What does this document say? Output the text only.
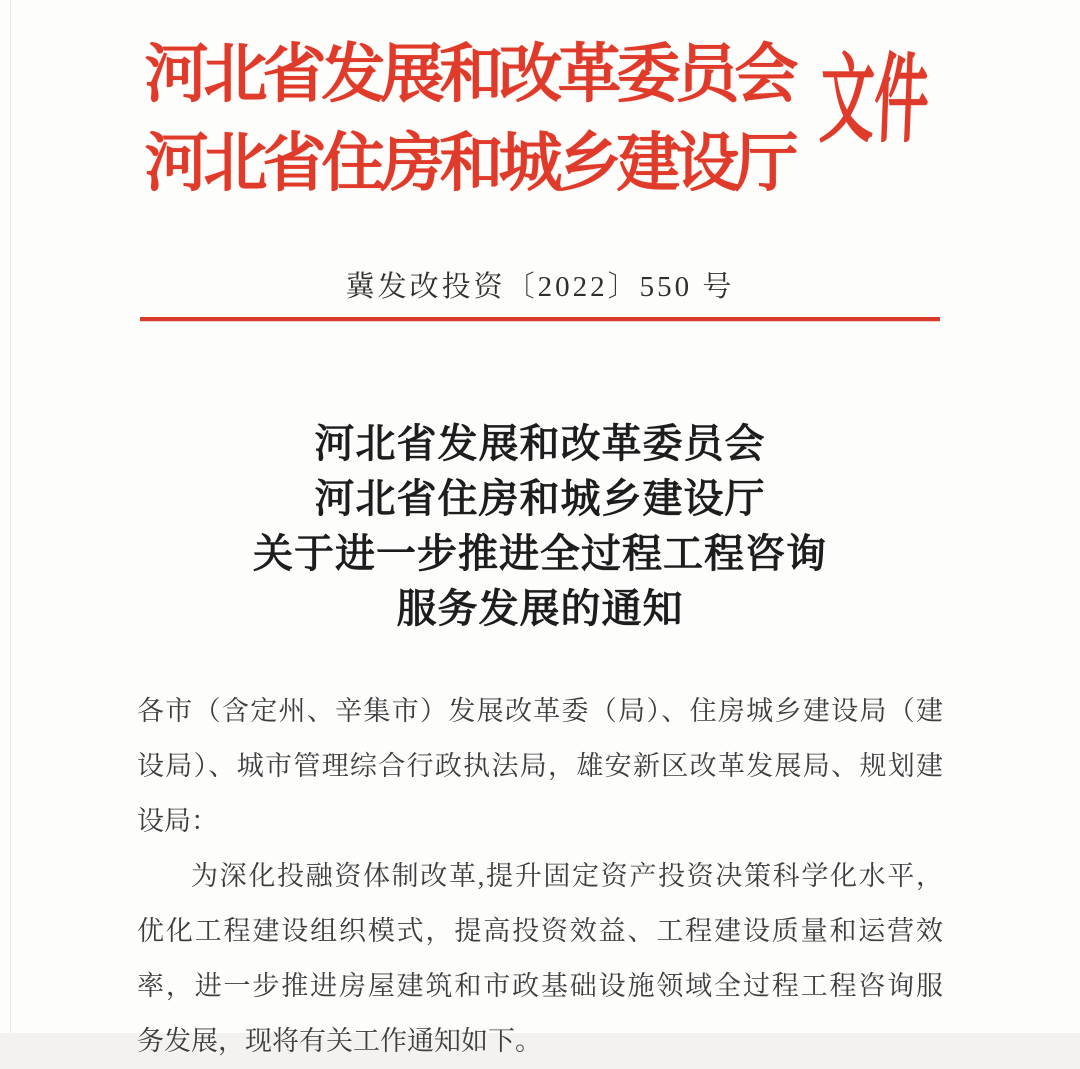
河北省发展和改革委员会
河北省住房和城乡建设厅
文件
冀发改投资〔2022〕550 号
河北省发展和改革委员会
河北省住房和城乡建设厅
关于进一步推进全过程工程咨询
服务发展的通知
各市（含定州、辛集市）发展改革委（局）、住房城乡建设局（建
设局）、城市管理综合行政执法局，雄安新区改革发展局、规划建
设局：
为深化投融资体制改革,提升固定资产投资决策科学化水平，
优化工程建设组织模式，提高投资效益、工程建设质量和运营效
率，进一步推进房屋建筑和市政基础设施领域全过程工程咨询服
务发展，现将有关工作通知如下。
